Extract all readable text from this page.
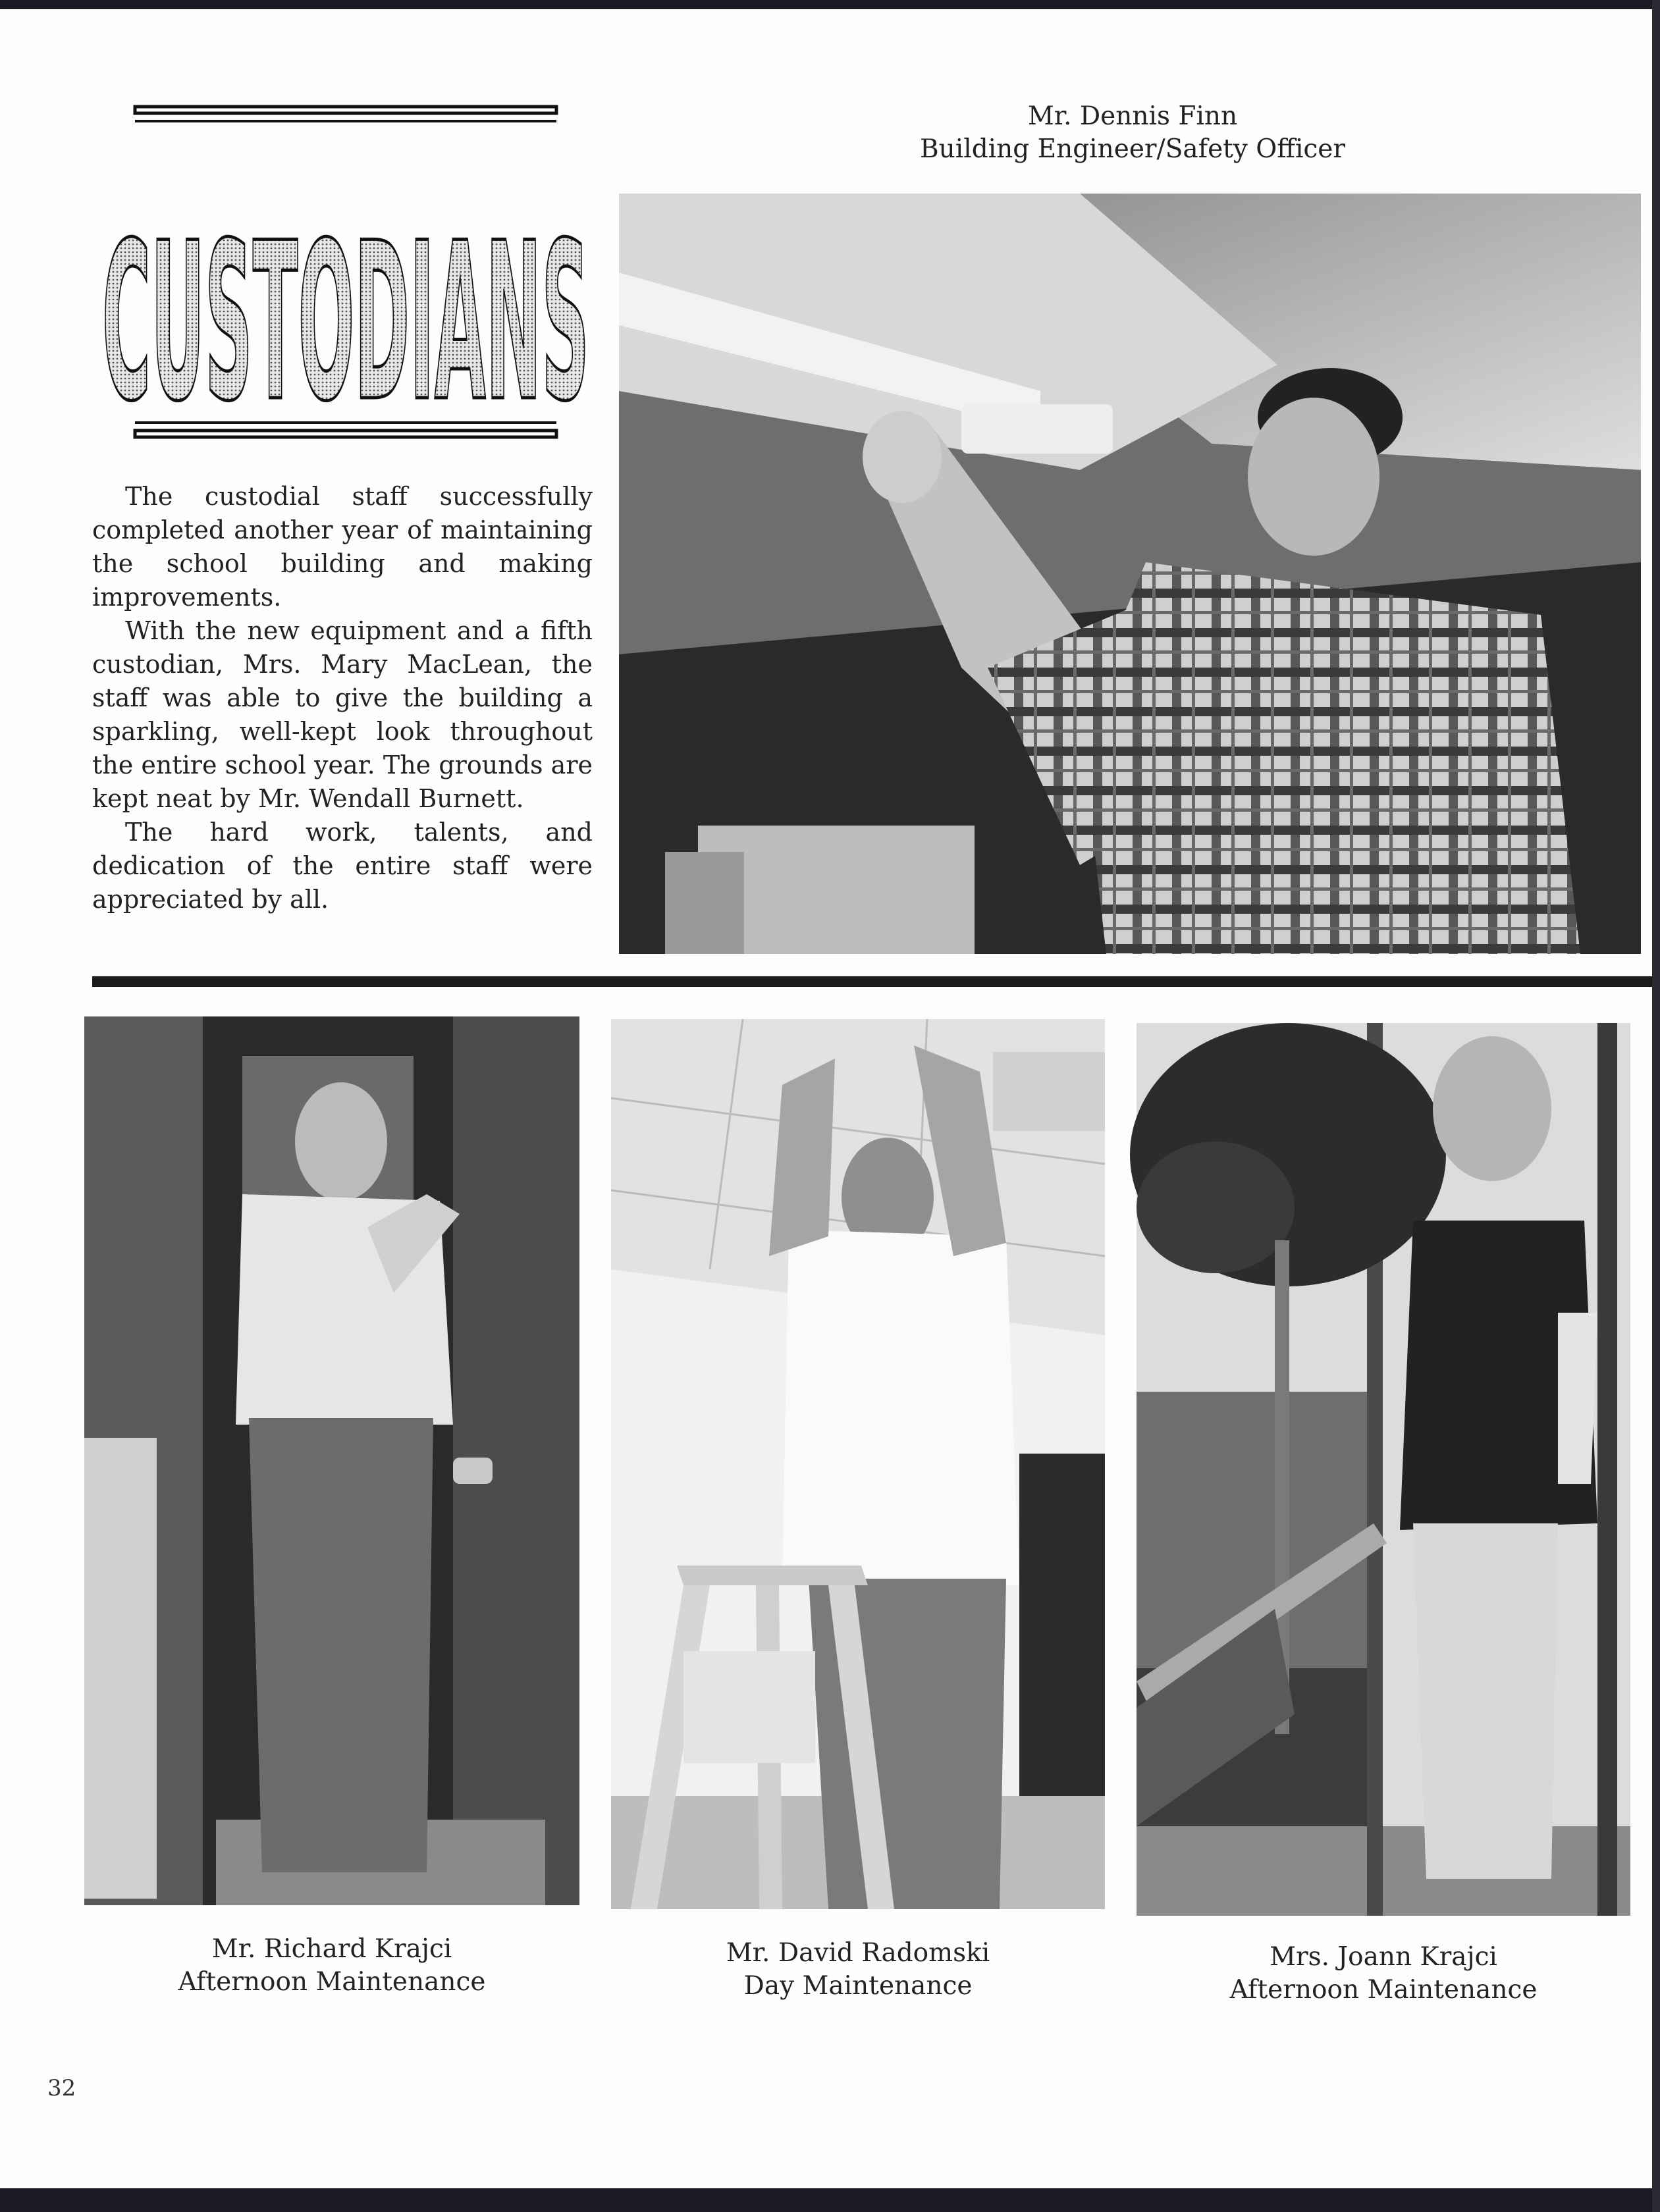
CUSTODIANS

The custodial staff successfully completed another year of maintaining the school building and making improvements.

With the new equipment and a fifth custodian, Mrs. Mary MacLean, the staff was able to give the building a sparkling, well-kept look throughout the entire school year. The grounds are kept neat by Mr. Wendall Burnett.

The hard work, talents, and dedication of the entire staff were appreciated by all.

Mr. Dennis Finn
Building Engineer/Safety Officer
Mr. Richard Krajci
Afternoon Maintenance
Mr. David Radomski
Day Maintenance
Mrs. Joann Krajci
Afternoon Maintenance
32
